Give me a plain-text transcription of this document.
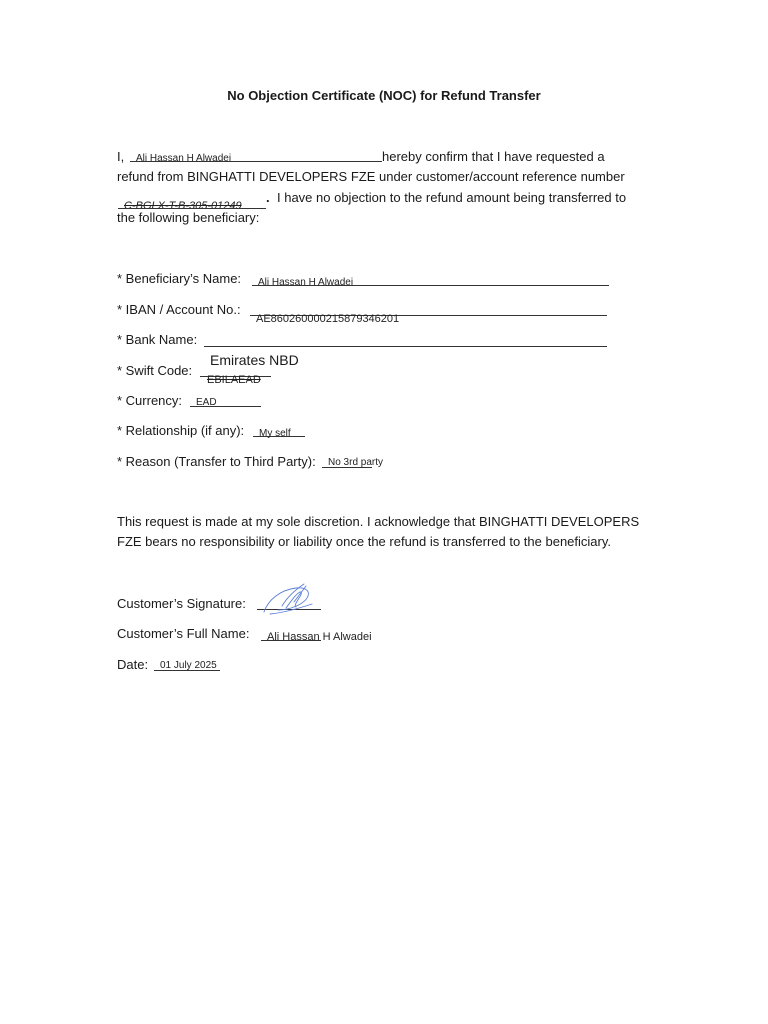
No Objection Certificate (NOC) for Refund Transfer
I, Ali Hassan H Alwadei	hereby confirm that I have requested a
refund from BINGHATTI DEVELOPERS FZE under customer/account reference number
C-BGLX-T-B-305-01249
. I have no objection to the refund amount being transferred to
the following beneficiary:
* Beneficiary’s Name: Ali Hassan H Alwadei
* IBAN / Account No.:
AE860260000215879346201
* Bank Name:
Emirates NBD
* Swift Code:
EBILAEAD
* Currency: EAD
* Relationship (if any): My self
* Reason (Transfer to Third Party): No 3rd party
This request is made at my sole discretion. I acknowledge that BINGHATTI DEVELOPERS
FZE bears no responsibility or liability once the refund is transferred to the beneficiary.
Customer’s Signature:
Customer’s Full Name: Ali Hassan H Alwadei
Date: 01 July 2025
